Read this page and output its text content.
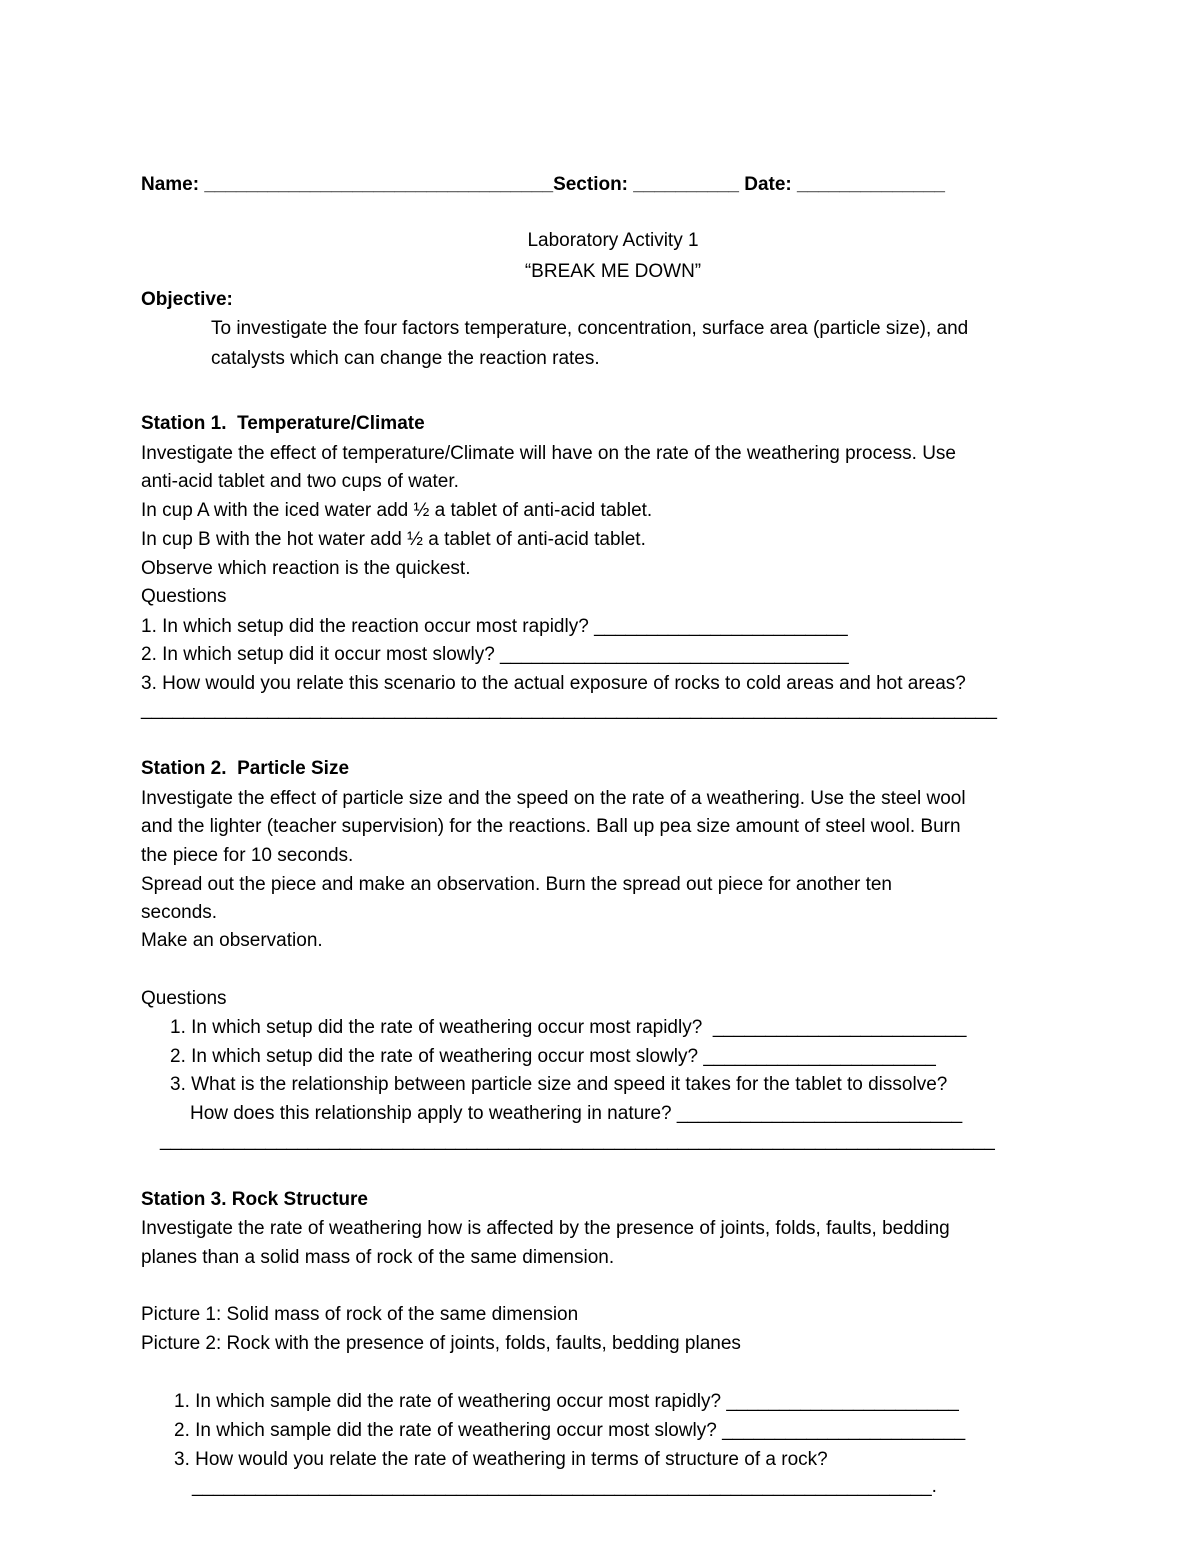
Name: _________________________________Section: __________ Date: ______________
Laboratory Activity 1
“BREAK ME DOWN”
Objective:
To investigate the four factors temperature, concentration, surface area (particle size), and
catalysts which can change the reaction rates.
Station 1.  Temperature/Climate
Investigate the effect of temperature/Climate will have on the rate of the weathering process. Use
anti-acid tablet and two cups of water.
In cup A with the iced water add ½ a tablet of anti-acid tablet.
In cup B with the hot water add ½ a tablet of anti-acid tablet.
Observe which reaction is the quickest.
Questions
1. In which setup did the reaction occur most rapidly? ________________________
2. In which setup did it occur most slowly? _________________________________
3. How would you relate this scenario to the actual exposure of rocks to cold areas and hot areas?
_________________________________________________________________________________
Station 2.  Particle Size
Investigate the effect of particle size and the speed on the rate of a weathering. Use the steel wool
and the lighter (teacher supervision) for the reactions. Ball up pea size amount of steel wool. Burn
the piece for 10 seconds.
Spread out the piece and make an observation. Burn the spread out piece for another ten
seconds.
Make an observation.
Questions
1. In which setup did the rate of weathering occur most rapidly?  ________________________
2. In which setup did the rate of weathering occur most slowly? ______________________
3. What is the relationship between particle size and speed it takes for the tablet to dissolve?
How does this relationship apply to weathering in nature? ___________________________
_______________________________________________________________________________
Station 3. Rock Structure
Investigate the rate of weathering how is affected by the presence of joints, folds, faults, bedding
planes than a solid mass of rock of the same dimension.
Picture 1: Solid mass of rock of the same dimension
Picture 2: Rock with the presence of joints, folds, faults, bedding planes
1. In which sample did the rate of weathering occur most rapidly? ______________________
2. In which sample did the rate of weathering occur most slowly? _______________________
3. How would you relate the rate of weathering in terms of structure of a rock?
______________________________________________________________________.
